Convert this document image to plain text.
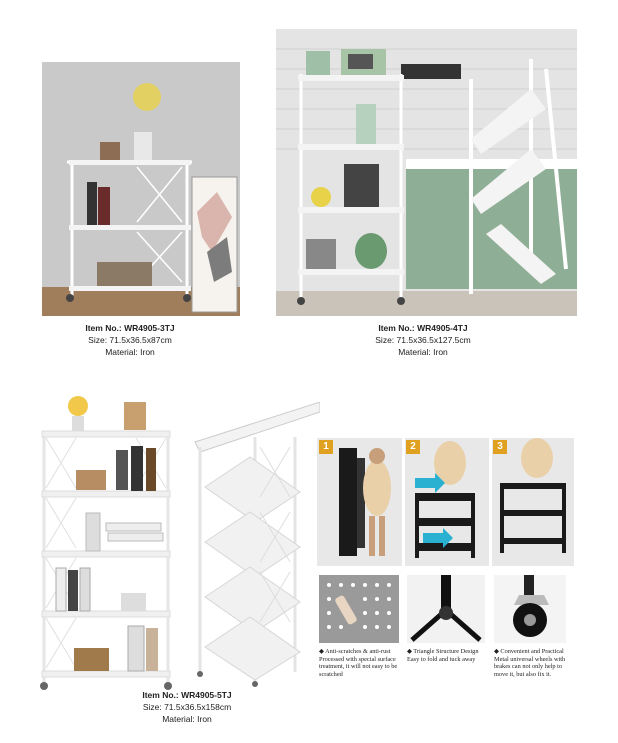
Item No.: WR4905-3TJ
Size: 71.5x36.5x87cm
Material: Iron
Item No.: WR4905-4TJ
Size: 71.5x36.5x127.5cm
Material: Iron
Item No.: WR4905-5TJ
Size: 71.5x36.5x158cm
Material: Iron
1	2	3
◆ Anti-scratches & anti-rust
Processed with special surface treatment, it will not easy to be scratched
◆ Triangle Structure Design
Easy to fold and tuck away
◆ Convenient and Practical
Metal universal wheels with brakes can not only help to move it, but also fix it.
